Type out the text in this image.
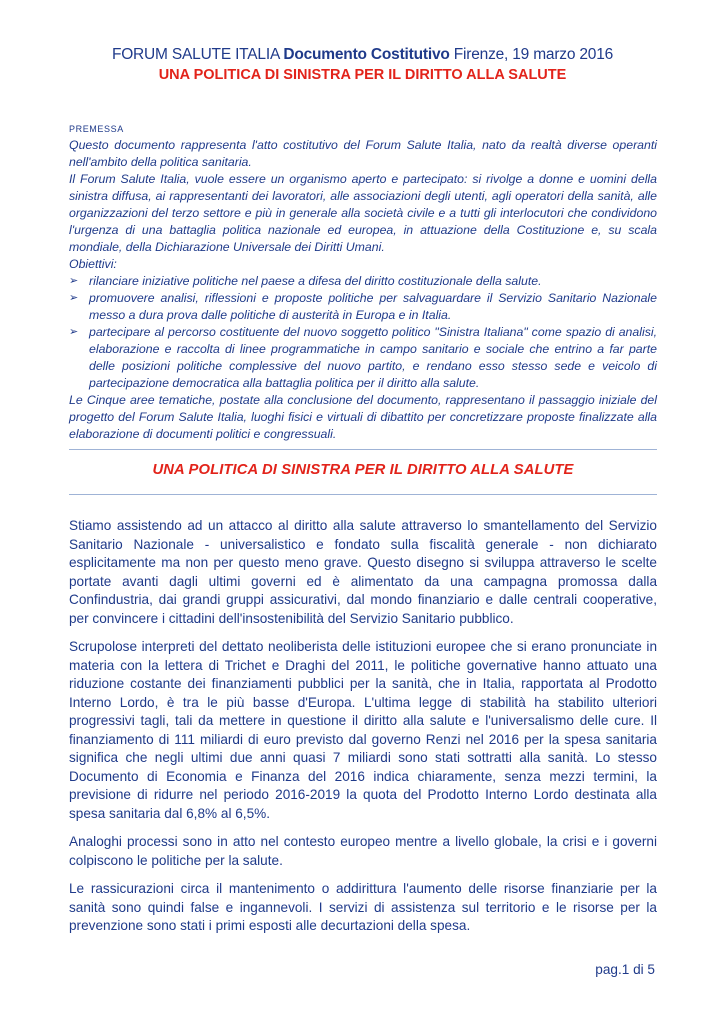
FORUM SALUTE ITALIA Documento Costitutivo Firenze, 19 marzo 2016
UNA POLITICA DI SINISTRA PER IL DIRITTO ALLA SALUTE
PREMESSA

Questo documento rappresenta l'atto costitutivo del Forum Salute Italia, nato da realtà diverse operanti nell'ambito della politica sanitaria.

Il Forum Salute Italia, vuole essere un organismo aperto e partecipato: si rivolge a donne e uomini della sinistra diffusa, ai rappresentanti dei lavoratori, alle associazioni degli utenti, agli operatori della sanità, alle organizzazioni del terzo settore e più in generale alla società civile e a tutti gli interlocutori che condividono l'urgenza di una battaglia politica nazionale ed europea, in attuazione della Costituzione e, su scala mondiale, della Dichiarazione Universale dei Diritti Umani.

Obiettivi:

➢ rilanciare iniziative politiche nel paese a difesa del diritto costituzionale della salute.
➢ promuovere analisi, riflessioni e proposte politiche per salvaguardare il Servizio Sanitario Nazionale messo a dura prova dalle politiche di austerità in Europa e in Italia.
➢ partecipare al percorso costituente del nuovo soggetto politico "Sinistra Italiana" come spazio di analisi, elaborazione e raccolta di linee programmatiche in campo sanitario e sociale che entrino a far parte delle posizioni politiche complessive del nuovo partito, e rendano esso stesso sede e veicolo di partecipazione democratica alla battaglia politica per il diritto alla salute.

Le Cinque aree tematiche, postate alla conclusione del documento, rappresentano il passaggio iniziale del progetto del Forum Salute Italia, luoghi fisici e virtuali di dibattito per concretizzare proposte finalizzate alla elaborazione di documenti politici e congressuali.

UNA POLITICA DI SINISTRA PER IL DIRITTO ALLA SALUTE

Stiamo assistendo ad un attacco al diritto alla salute attraverso lo smantellamento del Servizio Sanitario Nazionale - universalistico e fondato sulla fiscalità generale - non dichiarato esplicitamente ma non per questo meno grave. Questo disegno si sviluppa attraverso le scelte portate avanti dagli ultimi governi ed è alimentato da una campagna promossa dalla Confindustria, dai grandi gruppi assicurativi, dal mondo finanziario e dalle centrali cooperative, per convincere i cittadini dell'insostenibilità del Servizio Sanitario pubblico.

Scrupolose interpreti del dettato neoliberista delle istituzioni europee che si erano pronunciate in materia con la lettera di Trichet e Draghi del 2011, le politiche governative hanno attuato una riduzione costante dei finanziamenti pubblici per la sanità, che in Italia, rapportata al Prodotto Interno Lordo, è tra le più basse d'Europa. L'ultima legge di stabilità ha stabilito ulteriori progressivi tagli, tali da mettere in questione il diritto alla salute e l'universalismo delle cure. Il finanziamento di 111 miliardi di euro previsto dal governo Renzi nel 2016 per la spesa sanitaria significa che negli ultimi due anni quasi 7 miliardi sono stati sottratti alla sanità. Lo stesso Documento di Economia e Finanza del 2016 indica chiaramente, senza mezzi termini, la previsione di ridurre nel periodo 2016-2019 la quota del Prodotto Interno Lordo destinata alla spesa sanitaria dal 6,8% al 6,5%.

Analoghi processi sono in atto nel contesto europeo mentre a livello globale, la crisi e i governi colpiscono le politiche per la salute.

Le rassicurazioni circa il mantenimento o addirittura l'aumento delle risorse finanziarie per la sanità sono quindi false e ingannevoli. I servizi di assistenza sul territorio e le risorse per la prevenzione sono stati i primi esposti alle decurtazioni della spesa.

pag.1 di 5
